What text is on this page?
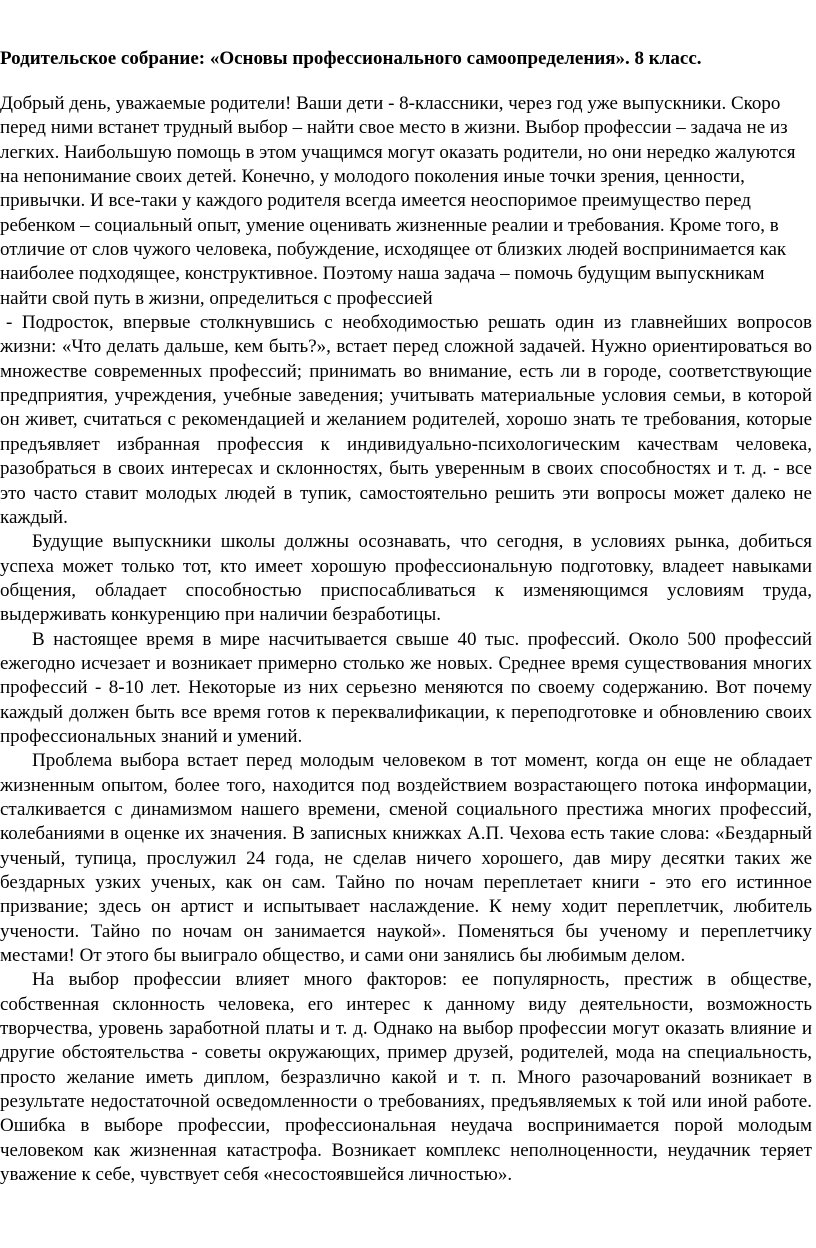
Родительское собрание: «Основы профессионального самоопределения». 8 класс.

Добрый день, уважаемые родители! Ваши дети - 8-классники, через год уже выпускники. Скоро перед ними встанет трудный выбор – найти свое место в жизни. Выбор профессии – задача не из легких. Наибольшую помощь в этом учащимся могут оказать родители, но они нередко жалуются на непонимание своих детей. Конечно, у молодого поколения иные точки зрения, ценности, привычки. И все-таки у каждого родителя всегда имеется неоспоримое преимущество перед ребенком – социальный опыт, умение оценивать жизненные реалии и требования. Кроме того, в отличие от слов чужого человека, побуждение, исходящее от близких людей воспринимается как наиболее подходящее, конструктивное. Поэтому наша задача – помочь будущим выпускникам найти свой путь в жизни, определиться с профессией

- Подросток, впервые столкнувшись с необходимостью решать один из главнейших вопросов жизни: «Что делать дальше, кем быть?», встает перед сложной задачей. Нужно ориентироваться во множестве современных профессий; принимать во внимание, есть ли в городе, соответствующие предприятия, учреждения, учебные заведения; учитывать материальные условия семьи, в которой он живет, считаться с рекомендацией и желанием родителей, хорошо знать те требования, которые предъявляет избранная профессия к индивидуально-психологическим качествам человека, разобраться в своих интересах и склонностях, быть уверенным в своих способностях и т. д. - все это часто ставит молодых людей в тупик, самостоятельно решить эти вопросы может далеко не каждый.

Будущие выпускники школы должны осознавать, что сегодня, в условиях рынка, добиться успеха может только тот, кто имеет хорошую профессиональную подготовку, владеет навыками общения, обладает способностью приспосабливаться к изменяющимся условиям труда, выдерживать конкуренцию при наличии безработицы.

В настоящее время в мире насчитывается свыше 40 тыс. профессий. Около 500 профессий ежегодно исчезает и возникает примерно столько же новых. Среднее время существования многих профессий - 8-10 лет. Некоторые из них серьезно меняются по своему содержанию. Вот почему каждый должен быть все время готов к переквалификации, к переподготовке и обновлению своих профессиональных знаний и умений.

Проблема выбора встает перед молодым человеком в тот момент, когда он еще не обладает жизненным опытом, более того, находится под воздействием возрастающего потока информации, сталкивается с динамизмом нашего времени, сменой социального престижа многих профессий, колебаниями в оценке их значения. В записных книжках А.П. Чехова есть такие слова: «Бездарный ученый, тупица, прослужил 24 года, не сделав ничего хорошего, дав миру десятки таких же бездарных узких ученых, как он сам. Тайно по ночам переплетает книги - это его истинное призвание; здесь он артист и испытывает наслаждение. К нему ходит переплетчик, любитель учености. Тайно по ночам он занимается наукой». Поменяться бы ученому и переплетчику местами! От этого бы выиграло общество, и сами они занялись бы любимым делом.

На выбор профессии влияет много факторов: ее популярность, престиж в обществе, собственная склонность человека, его интерес к данному виду деятельности, возможность творчества, уровень заработной платы и т. д. Однако на выбор профессии могут оказать влияние и другие обстоятельства - советы окружающих, пример друзей, родителей, мода на специальность, просто желание иметь диплом, безразлично какой и т. п. Много разочарований возникает в результате недостаточной осведомленности о требованиях, предъявляемых к той или иной работе. Ошибка в выборе профессии, профессиональная неудача воспринимается порой молодым человеком как жизненная катастрофа. Возникает комплекс неполноценности, неудачник теряет уважение к себе, чувствует себя «несостоявшейся личностью».
